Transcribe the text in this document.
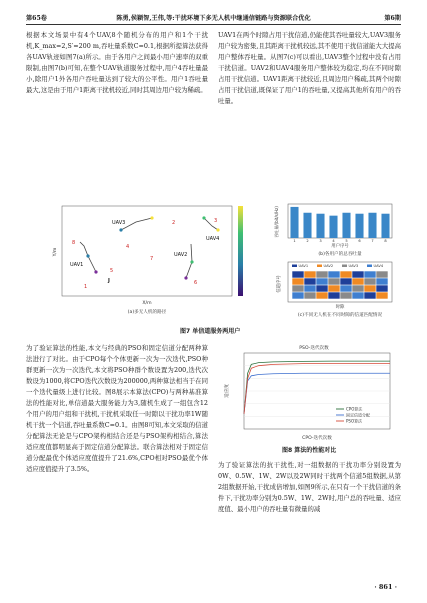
第65卷	陈勇,侯颖智,王伟,等:干扰环境下多无人机中继通信链路与资源联合优化	第6期
根据本文场景中有4个UAV,8个随机分布的用户和1个干扰机,K_max=2,S′=200 m,吞吐量系数C=0.1,根据所提算法获得各UAV轨迹如图7(a)所示。由于各用户之间最小用户速率的双重限制,由图7(b)可知,在整个UAV轨道服务过程中,用户4吞吐量最小,除用户1外各用户吞吐量达到了较大的公平性。用户1吞吐量最大,这是由于用户1距离干扰机较近,同时其周边用户较为稀疏。
UAV1在两个时隙占用干扰信道,仍能使其吞吐量较大,UAV3服务用户较为密集,且其距离干扰机较远,其不使用干扰信道能大大提高用户整体吞吐量。从图7(c)可以看出,UAV3整个过程中没有占用干扰信道。UAV2和UAV4服务用户整体较为稳定,均在不同时隙占用干扰信道。UAV1距离干扰较近,且周边用户稀疏,其两个时隙占用干扰信道,既保证了用户1的吞吐量,又提高其他所有用户的吞吐量。
UAV1
UAV2
UAV3
UAV4
1
2	3
4
5
6
7
8
J
X/m
Y/m
(a)多无人机的路径
1	2	3	4	5	6	7	8
用户序号
吞吐量/(bit/s/Hz)
(b)各用户的总吞吐量
UAV1	UAV2	UAV3	UAV4
时隙
信道序号
(c)不同无人机在不同时隙的信道匹配情况
图7 单信道服务两用户
为了验证算法的性能,本文与经典的PSO和固定信道分配两种算法进行了对比。由于CPO每个个体更新一次为一次迭代,PSO种群更新一次为一次迭代,本文将PSO种群个数设置为200,迭代次数设为1000,将CPO迭代次数设为200000,两种算法相当于在同一个迭代量级上进行比较。图8展示本算法(CPO)与两种基准算法的性能对比,单信道最大服务能力为3,随机生成了一组包含12个用户的用户组和干扰机,干扰机采取任一时隙以干扰功率1W随机干扰一个信道,吞吐量系数C=0.1。由图8可知,本文采取的信道分配算法无论是与CPO架构相结合还是与PSO架构相结合,算法适应度值都明显高于固定信道分配算法。联合算法相对于固定信道分配最优个体适应度值提升了21.6%,CPO相对PSO最优个体适应度值提升了3.5%。
PSO-迭代次数
CPO算法
固定信道分配
PSO算法
CPO-迭代次数
适应度
图8 算法的性能对比
为了验证算法的抗干扰性,对一组数据的干扰功率分别设置为0W、0.5W、1W、2W以及2W同时干扰两个信道5组数据,从第2组数据开始,干扰成倍增加,如图9所示,在只有一个干扰信道的条件下,干扰功率分别为0.5W、1W、2W时,用户总的吞吐量、适应度值、最小用户的吞吐量有微量的减
· 861 ·
